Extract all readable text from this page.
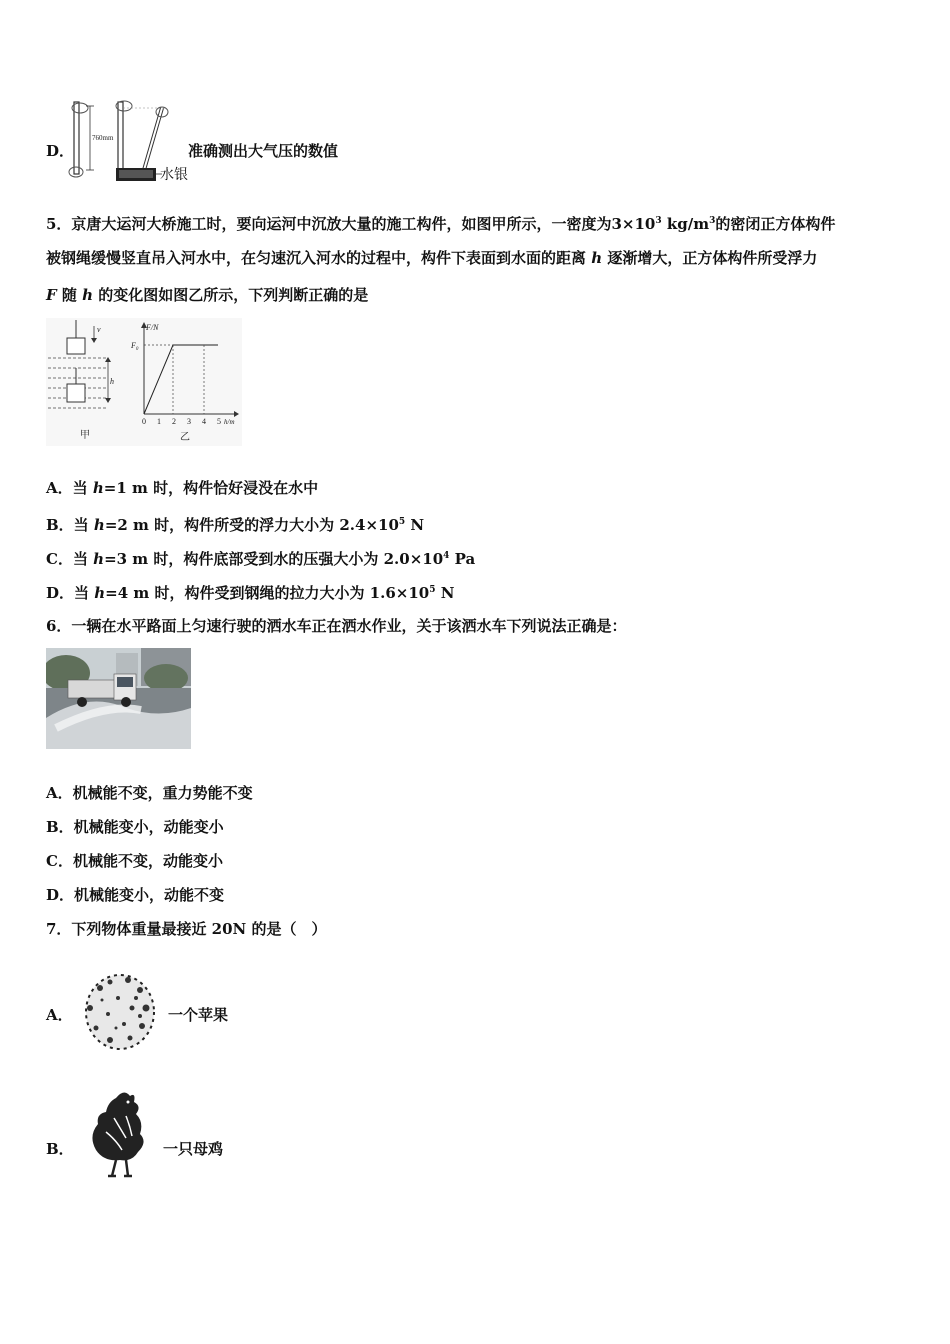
D．
760mm
水银
准确测出大气压的数值
5．京唐大运河大桥施工时，要向运河中沉放大量的施工构件，如图甲所示，一密度为$3\times 10^3$ $kg/m^3$的密闭正方体构件
被钢绳缓慢竖直吊入河水中，在匀速沉入河水的过程中，构件下表面到水面的距离 h 逐渐增大，正方体构件所受浮力
F 随 h 的变化图如图乙所示，下列判断正确的是
v
h
甲
F/N
$F_0$
0 1 2 3 4 5 h/m
乙
A．当 h=1 m 时，构件恰好浸没在水中
B．当 h=2 m 时，构件所受的浮力大小为 $2.4\times 10^5$ N
C．当 h=3 m 时，构件底部受到水的压强大小为 $2.0\times 10^4$ Pa
D．当 h=4 m 时，构件受到钢绳的拉力大小为 $1.6\times 10^5$ N
6．一辆在水平路面上匀速行驶的洒水车正在洒水作业，关于该洒水车下列说法正确是：
A．机械能不变，重力势能不变
B．机械能变小，动能变小
C．机械能不变，动能变小
D．机械能变小，动能不变
7．下列物体重量最接近 20N 的是（　）
A．	一个苹果
B．	一只母鸡
